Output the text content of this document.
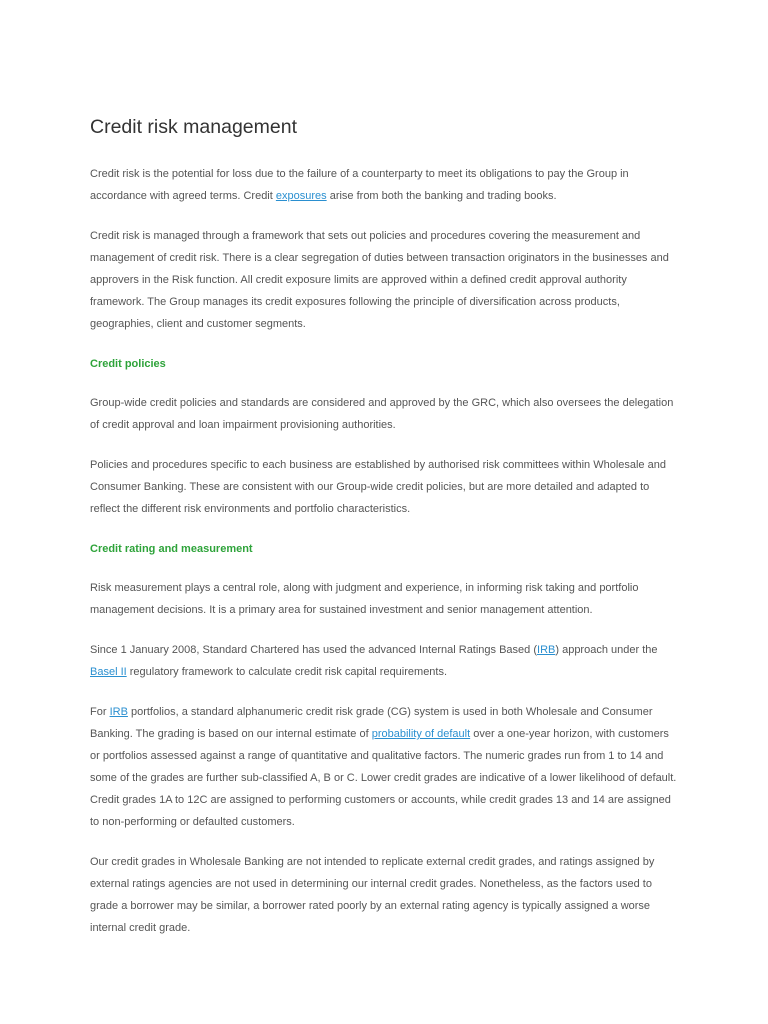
Credit risk management

Credit risk is the potential for loss due to the failure of a counterparty to meet its obligations to pay the Group in accordance with agreed terms. Credit exposures arise from both the banking and trading books.

Credit risk is managed through a framework that sets out policies and procedures covering the measurement and management of credit risk. There is a clear segregation of duties between transaction originators in the businesses and approvers in the Risk function. All credit exposure limits are approved within a defined credit approval authority framework. The Group manages its credit exposures following the principle of diversification across products, geographies, client and customer segments.

Credit policies

Group-wide credit policies and standards are considered and approved by the GRC, which also oversees the delegation of credit approval and loan impairment provisioning authorities.

Policies and procedures specific to each business are established by authorised risk committees within Wholesale and Consumer Banking. These are consistent with our Group-wide credit policies, but are more detailed and adapted to reflect the different risk environments and portfolio characteristics.

Credit rating and measurement

Risk measurement plays a central role, along with judgment and experience, in informing risk taking and portfolio management decisions. It is a primary area for sustained investment and senior management attention.

Since 1 January 2008, Standard Chartered has used the advanced Internal Ratings Based (IRB) approach under the Basel II regulatory framework to calculate credit risk capital requirements.

For IRB portfolios, a standard alphanumeric credit risk grade (CG) system is used in both Wholesale and Consumer Banking. The grading is based on our internal estimate of probability of default over a one-year horizon, with customers or portfolios assessed against a range of quantitative and qualitative factors. The numeric grades run from 1 to 14 and some of the grades are further sub-classified A, B or C. Lower credit grades are indicative of a lower likelihood of default. Credit grades 1A to 12C are assigned to performing customers or accounts, while credit grades 13 and 14 are assigned to non-performing or defaulted customers.

Our credit grades in Wholesale Banking are not intended to replicate external credit grades, and ratings assigned by external ratings agencies are not used in determining our internal credit grades. Nonetheless, as the factors used to grade a borrower may be similar, a borrower rated poorly by an external rating agency is typically assigned a worse internal credit grade.
